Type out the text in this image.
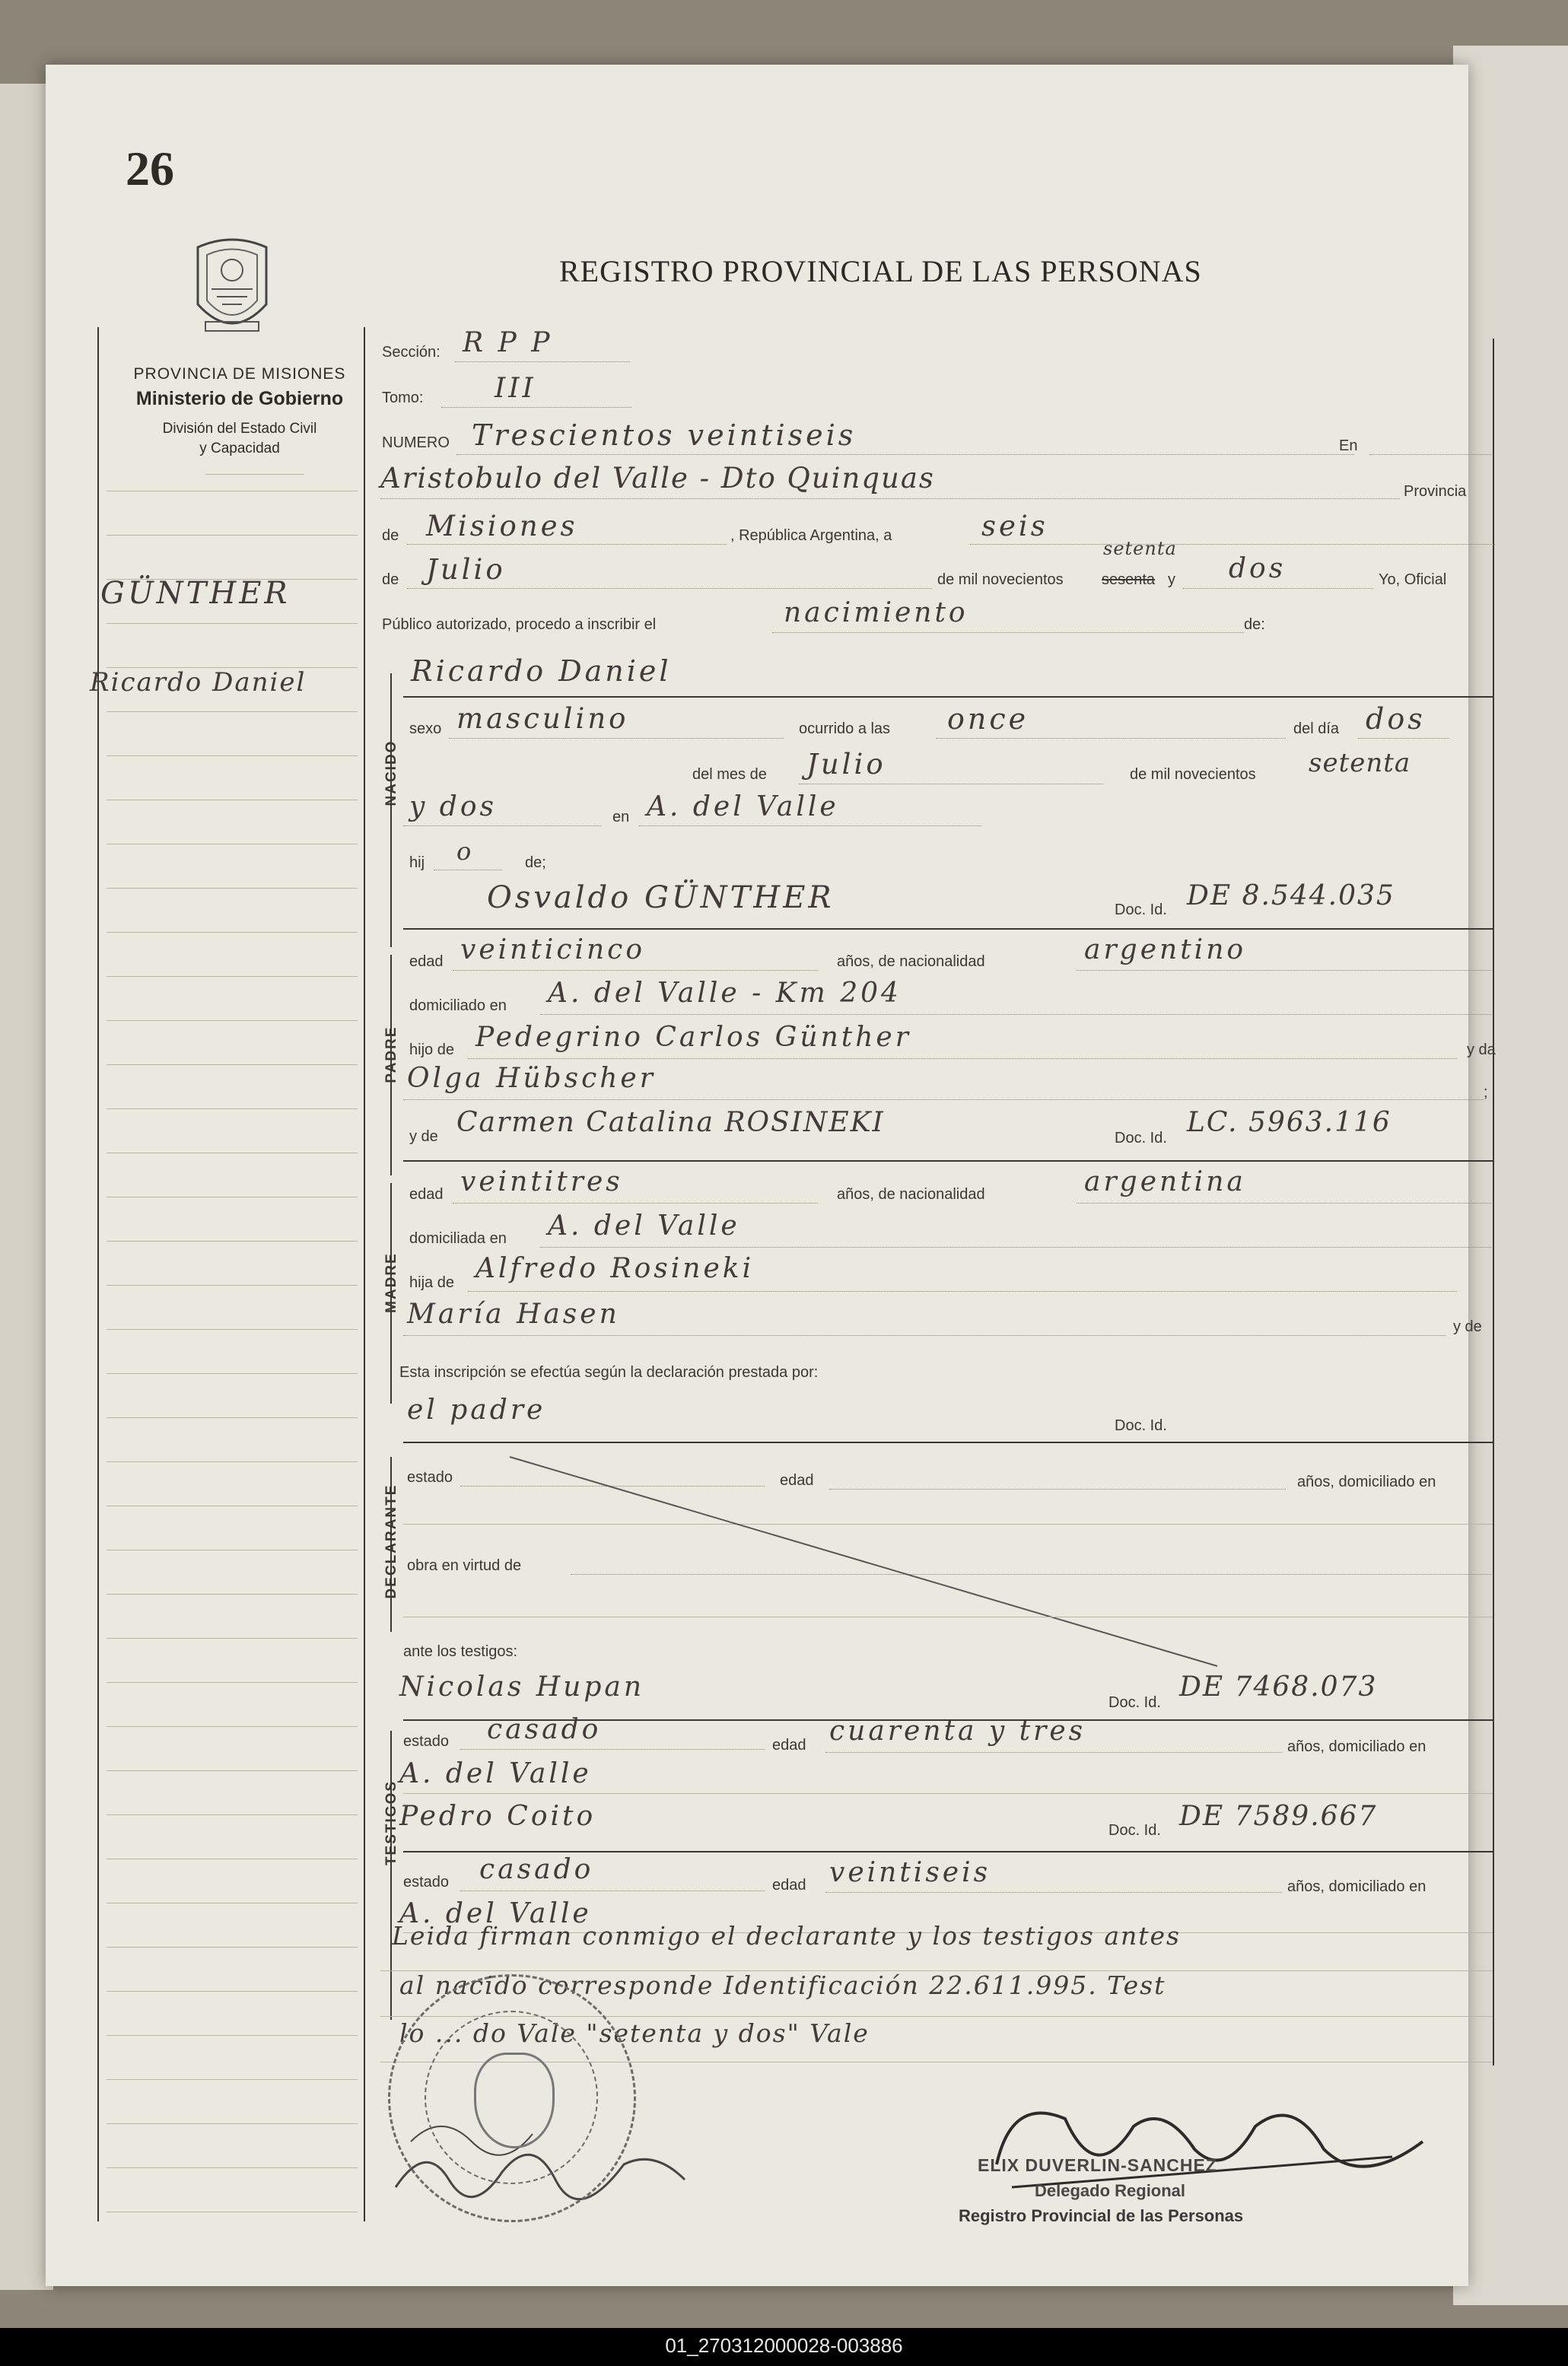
26
REGISTRO PROVINCIAL DE LAS PERSONAS
PROVINCIA DE MISIONES
Ministerio de Gobierno
División del Estado Civil
y Capacidad
GÜNTHER
Ricardo Daniel
Sección: R P P
Tomo:	III
NUMERO Trescientos veintiseis	En
Aristobulo del Valle - Dto Quinquas	Provincia
de Misiones	, República Argentina, a	seis
de Julio	de mil novecientos
setenta
sesenta y dos	Yo, Oficial
Público autorizado, procedo a inscribir el	nacimiento	de:
NACIDO
Ricardo Daniel
sexo masculino	ocurrido a las once	del día dos
del mes de Julio	de mil novecientos setenta
y dos	en A. del Valle
hij o	de;
PADRE
Osvaldo GÜNTHER	Doc. Id. DE 8.544.035
edad veinticinco	años, de nacionalidad	argentino
domiciliado en A. del Valle - Km 204
hijo de Pedegrino Carlos Günther	y da
Olga Hübscher	;
y de Carmen Catalina ROSINEKI	Doc. Id. LC. 5963.116
MADRE
edad veintitres	años, de nacionalidad	argentina
domiciliada en A. del Valle
hija de Alfredo Rosineki
María Hasen	y de
Esta inscripción se efectúa según la declaración prestada por:
el padre	Doc. Id.
DECLARANTE
estado	edad	años, domiciliado en
obra en virtud de
ante los testigos:
Nicolas Hupan	Doc. Id. DE 7468.073
TESTIGOS
estado casado	edad cuarenta y tres	años, domiciliado en
A. del Valle
Pedro Coito	Doc. Id. DE 7589.667
estado casado	edad veintiseis	años, domiciliado en
A. del Valle
Leida firman conmigo el declarante y los testigos antes
al nacido corresponde Identificación 22.611.995. Test
lo ... do Vale "setenta y dos" Vale
ELIX DUVERLIN-SANCHEZ
Delegado Regional
Registro Provincial de las Personas
01_270312000028-003886
